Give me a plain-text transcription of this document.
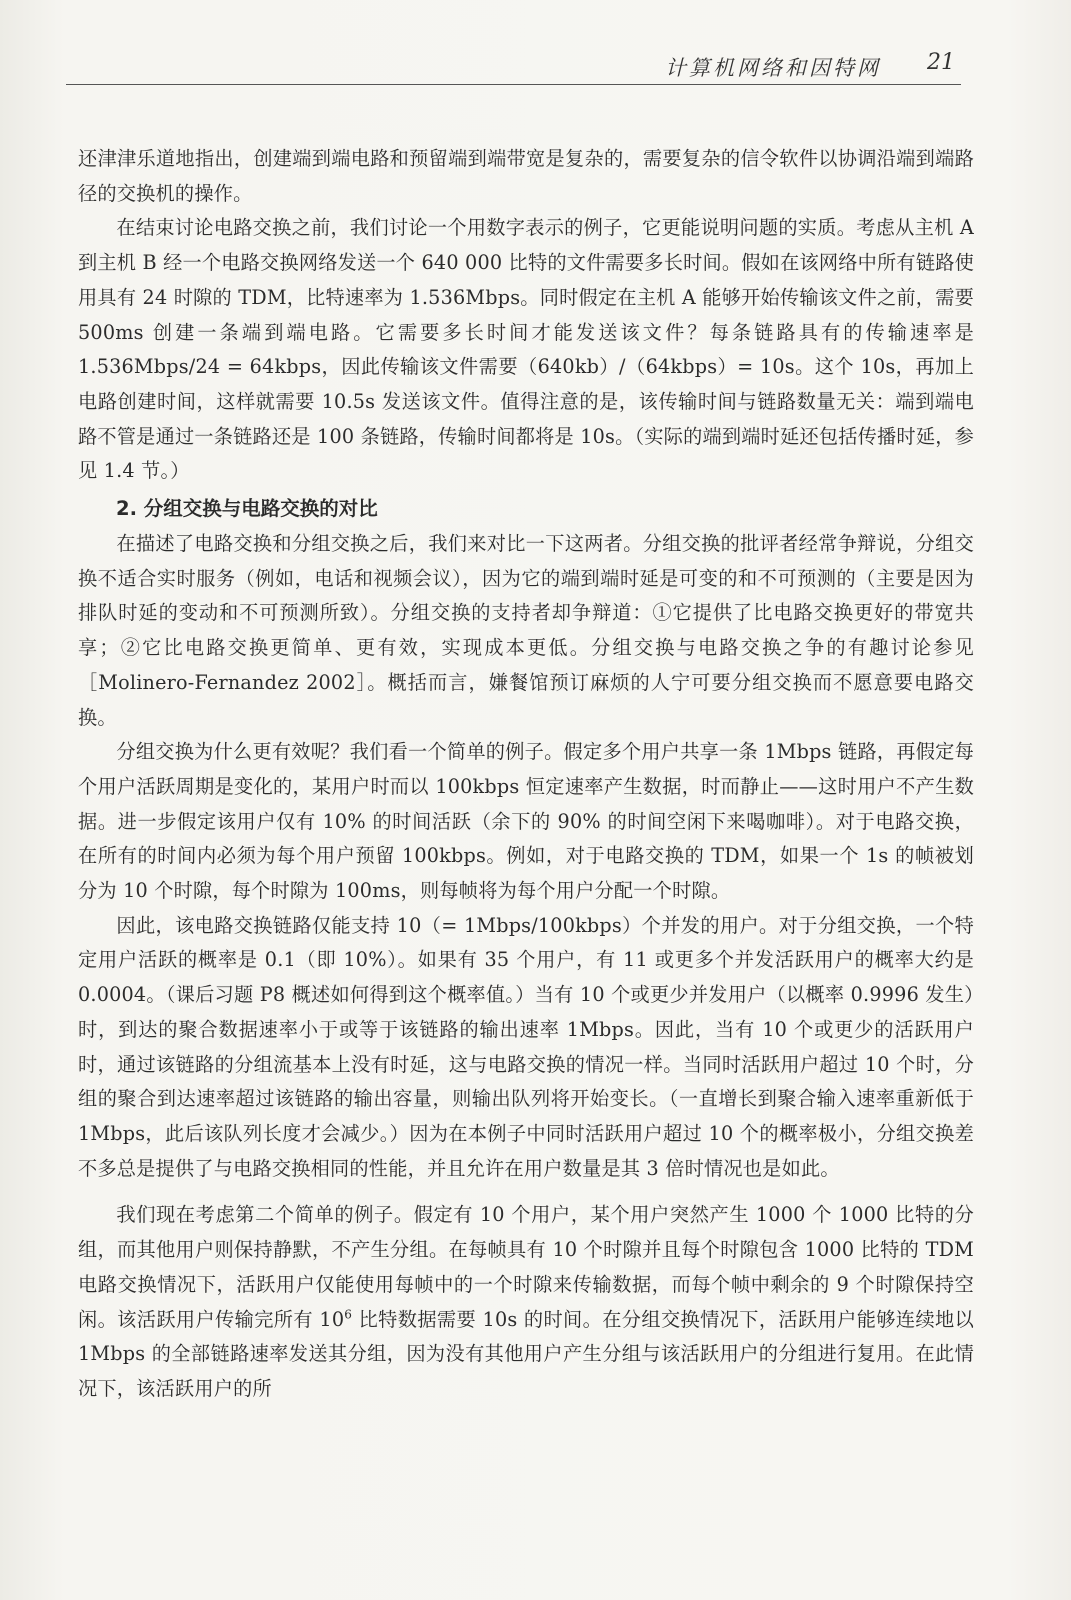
计算机网络和因特网 21

还津津乐道地指出，创建端到端电路和预留端到端带宽是复杂的，需要复杂的信令软件以协调沿端到端路径的交换机的操作。

在结束讨论电路交换之前，我们讨论一个用数字表示的例子，它更能说明问题的实质。考虑从主机 A 到主机 B 经一个电路交换网络发送一个 640 000 比特的文件需要多长时间。假如在该网络中所有链路使用具有 24 时隙的 TDM，比特速率为 1.536Mbps。同时假定在主机 A 能够开始传输该文件之前，需要 500ms 创建一条端到端电路。它需要多长时间才能发送该文件？每条链路具有的传输速率是 1.536Mbps/24 = 64kbps，因此传输该文件需要（640kb）/（64kbps）= 10s。这个 10s，再加上电路创建时间，这样就需要 10.5s 发送该文件。值得注意的是，该传输时间与链路数量无关：端到端电路不管是通过一条链路还是 100 条链路，传输时间都将是 10s。（实际的端到端时延还包括传播时延，参见 1.4 节。）

2. 分组交换与电路交换的对比

在描述了电路交换和分组交换之后，我们来对比一下这两者。分组交换的批评者经常争辩说，分组交换不适合实时服务（例如，电话和视频会议），因为它的端到端时延是可变的和不可预测的（主要是因为排队时延的变动和不可预测所致）。分组交换的支持者却争辩道：①它提供了比电路交换更好的带宽共享；②它比电路交换更简单、更有效，实现成本更低。分组交换与电路交换之争的有趣讨论参见［Molinero-Fernandez 2002］。概括而言，嫌餐馆预订麻烦的人宁可要分组交换而不愿意要电路交换。

分组交换为什么更有效呢？我们看一个简单的例子。假定多个用户共享一条 1Mbps 链路，再假定每个用户活跃周期是变化的，某用户时而以 100kbps 恒定速率产生数据，时而静止——这时用户不产生数据。进一步假定该用户仅有 10% 的时间活跃（余下的 90% 的时间空闲下来喝咖啡）。对于电路交换，在所有的时间内必须为每个用户预留 100kbps。例如，对于电路交换的 TDM，如果一个 1s 的帧被划分为 10 个时隙，每个时隙为 100ms，则每帧将为每个用户分配一个时隙。

因此，该电路交换链路仅能支持 10（= 1Mbps/100kbps）个并发的用户。对于分组交换，一个特定用户活跃的概率是 0.1（即 10%）。如果有 35 个用户，有 11 或更多个并发活跃用户的概率大约是 0.0004。（课后习题 P8 概述如何得到这个概率值。）当有 10 个或更少并发用户（以概率 0.9996 发生）时，到达的聚合数据速率小于或等于该链路的输出速率 1Mbps。因此，当有 10 个或更少的活跃用户时，通过该链路的分组流基本上没有时延，这与电路交换的情况一样。当同时活跃用户超过 10 个时，分组的聚合到达速率超过该链路的输出容量，则输出队列将开始变长。（一直增长到聚合输入速率重新低于 1Mbps，此后该队列长度才会减少。）因为在本例子中同时活跃用户超过 10 个的概率极小，分组交换差不多总是提供了与电路交换相同的性能，并且允许在用户数量是其 3 倍时情况也是如此。

我们现在考虑第二个简单的例子。假定有 10 个用户，某个用户突然产生 1000 个 1000 比特的分组，而其他用户则保持静默，不产生分组。在每帧具有 10 个时隙并且每个时隙包含 1000 比特的 TDM 电路交换情况下，活跃用户仅能使用每帧中的一个时隙来传输数据，而每个帧中剩余的 9 个时隙保持空闲。该活跃用户传输完所有 $10^6$ 比特数据需要 10s 的时间。在分组交换情况下，活跃用户能够连续地以 1Mbps 的全部链路速率发送其分组，因为没有其他用户产生分组与该活跃用户的分组进行复用。在此情况下，该活跃用户的所
